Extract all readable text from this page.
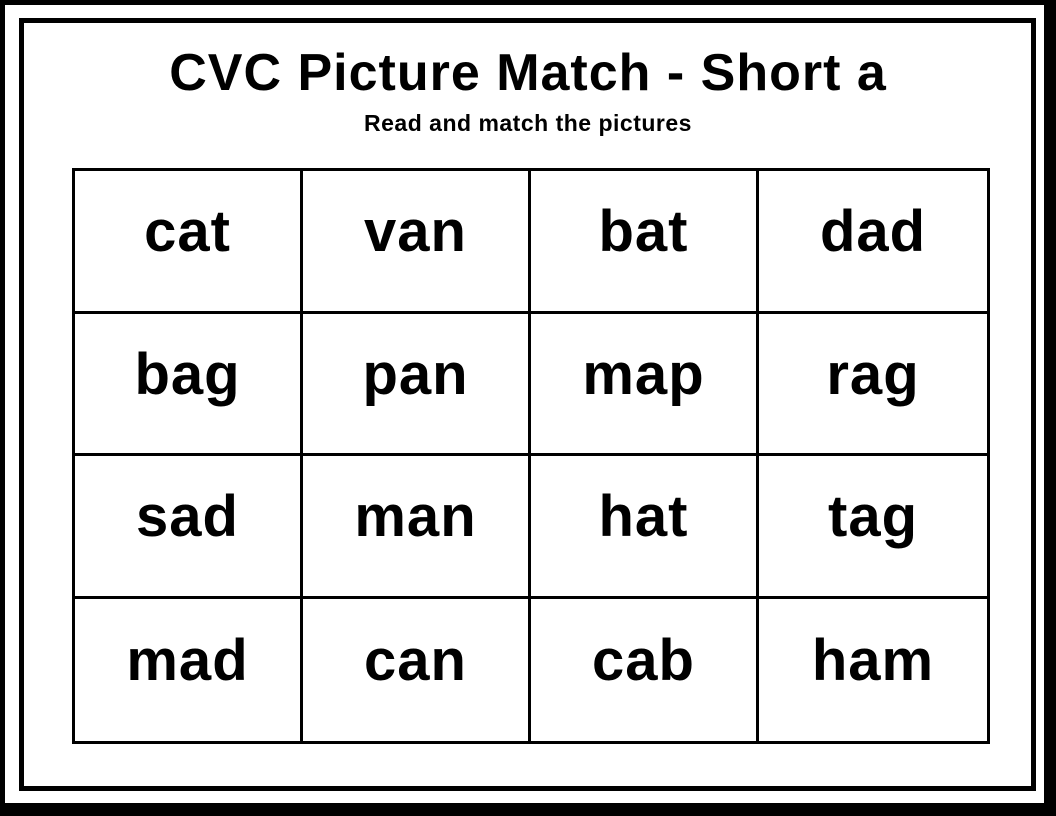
CVC Picture Match - Short a
Read and match the pictures
cat	van	bat	dad
bag	pan	map	rag
sad	man	hat	tag
mad	can	cab	ham
